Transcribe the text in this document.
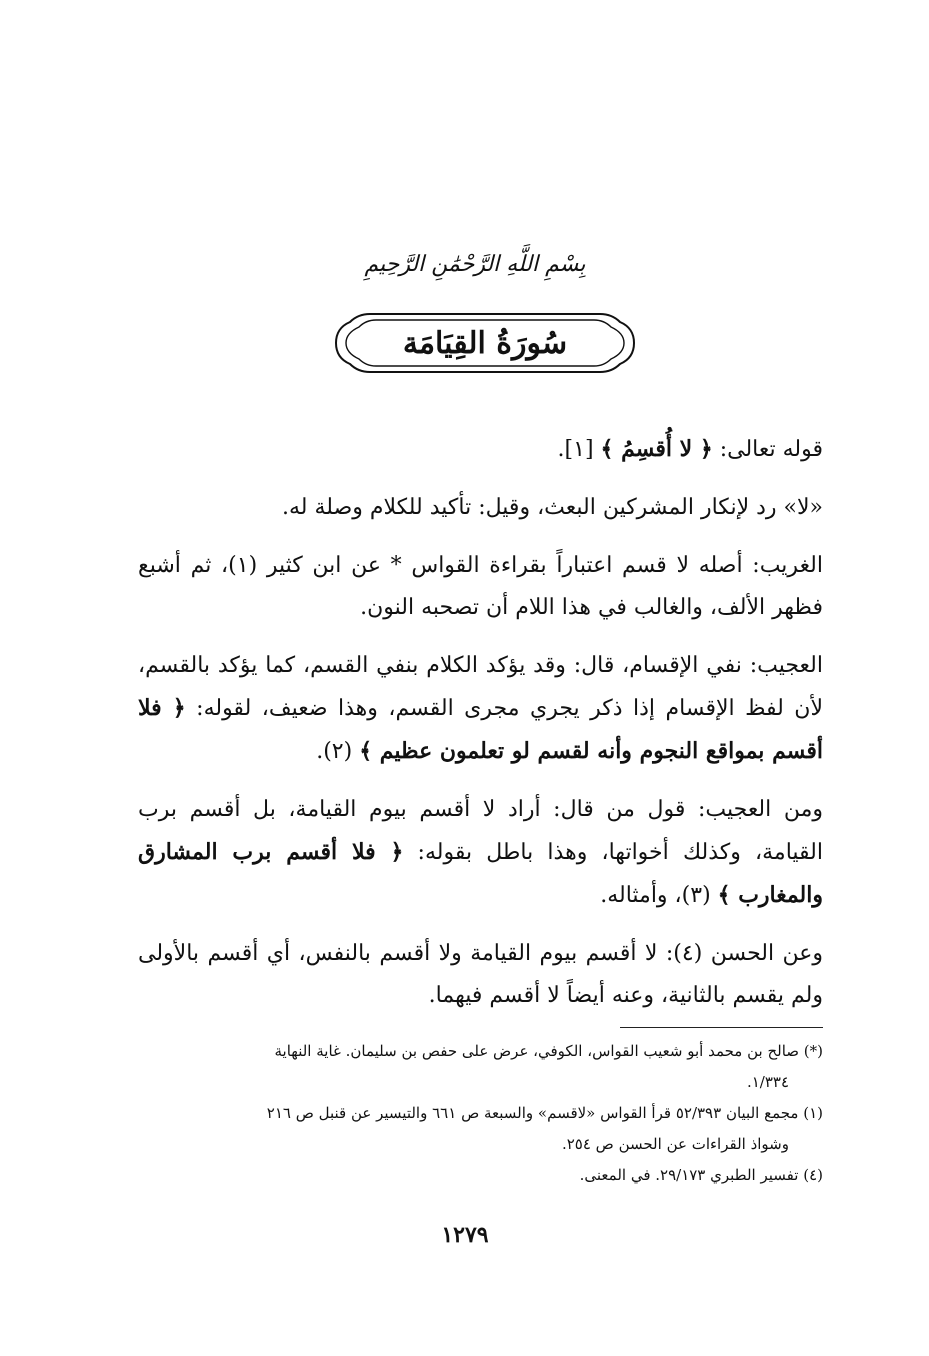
بِسْمِ اللَّهِ الرَّحْمَٰنِ الرَّحِيمِ
سُورَةُ القِيَامَة

قوله تعالى: ﴿ لا أُقسِمُ ﴾ [١].

«لا» رد لإنكار المشركين البعث، وقيل: تأكيد للكلام وصلة له.

الغريب: أصله لا قسم اعتباراً بقراءة القواس * عن ابن كثير (١)، ثم أشبع فظهر الألف، والغالب في هذا اللام أن تصحبه النون.

العجيب: نفي الإقسام، قال: وقد يؤكد الكلام بنفي القسم، كما يؤكد بالقسم، لأن لفظ الإقسام إذا ذكر يجري مجرى القسم، وهذا ضعيف، لقوله: ﴿ فلا أقسم بمواقع النجوم وأنه لقسم لو تعلمون عظيم ﴾ (٢).

ومن العجيب: قول من قال: أراد لا أقسم بيوم القيامة، بل أقسم برب القيامة، وكذلك أخواتها، وهذا باطل بقوله: ﴿ فلا أقسم برب المشارق والمغارب ﴾ (٣)، وأمثاله.

وعن الحسن (٤): لا أقسم بيوم القيامة ولا أقسم بالنفس، أي أقسم بالأولى ولم يقسم بالثانية، وعنه أيضاً لا أقسم فيهما.

(*) صالح بن محمد أبو شعيب القواس، الكوفي، عرض على حفص بن سليمان. غاية النهاية
١/٣٣٤.

(١) مجمع البيان ٥٢/٣٩٣ قرأ القواس «لاقسم» والسبعة ص ٦٦١ والتيسير عن قنبل ص ٢١٦
وشواذ القراءات عن الحسن ص ٢٥٤.

(٤) تفسير الطبري ٢٩/١٧٣. في المعنى.

١٢٧٩
